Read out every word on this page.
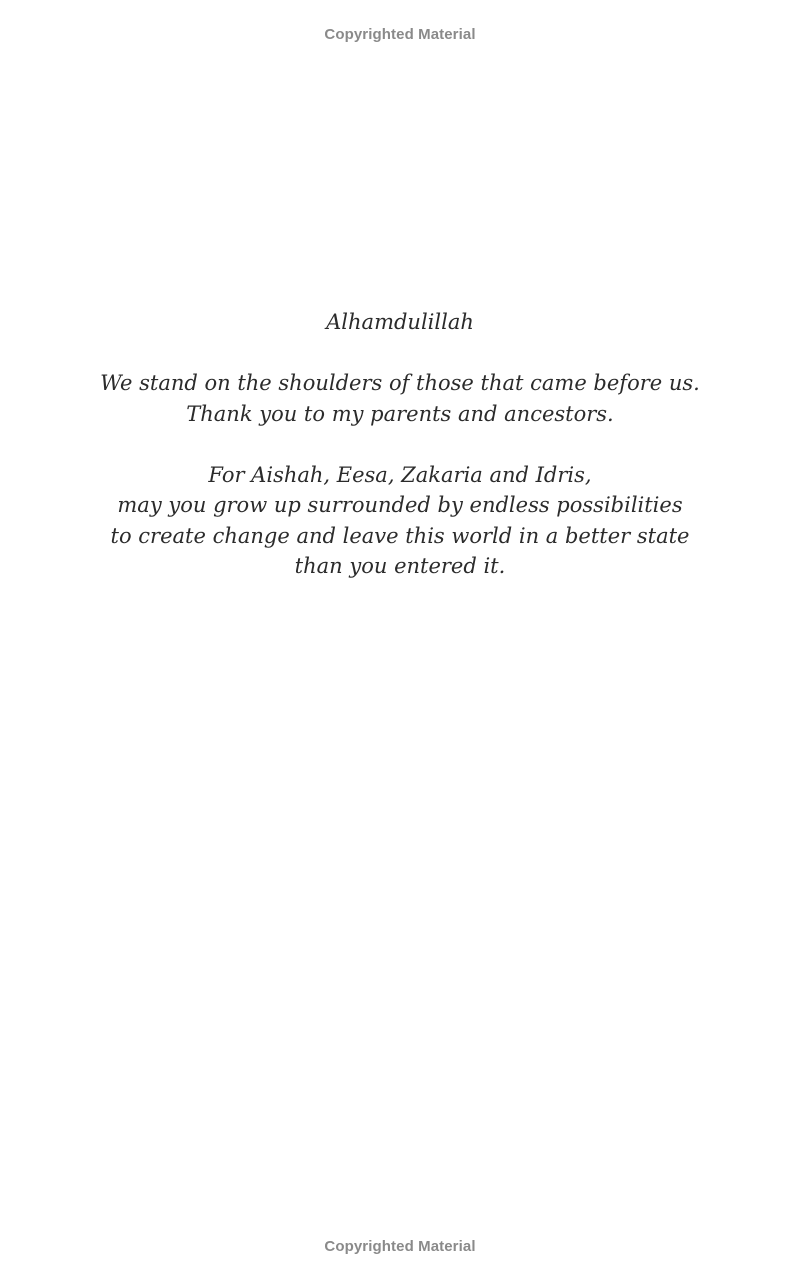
Copyrighted Material
Alhamdulillah
We stand on the shoulders of those that came before us.
Thank you to my parents and ancestors.
For Aishah, Eesa, Zakaria and Idris,
may you grow up surrounded by endless possibilities
to create change and leave this world in a better state
than you entered it.
Copyrighted Material
